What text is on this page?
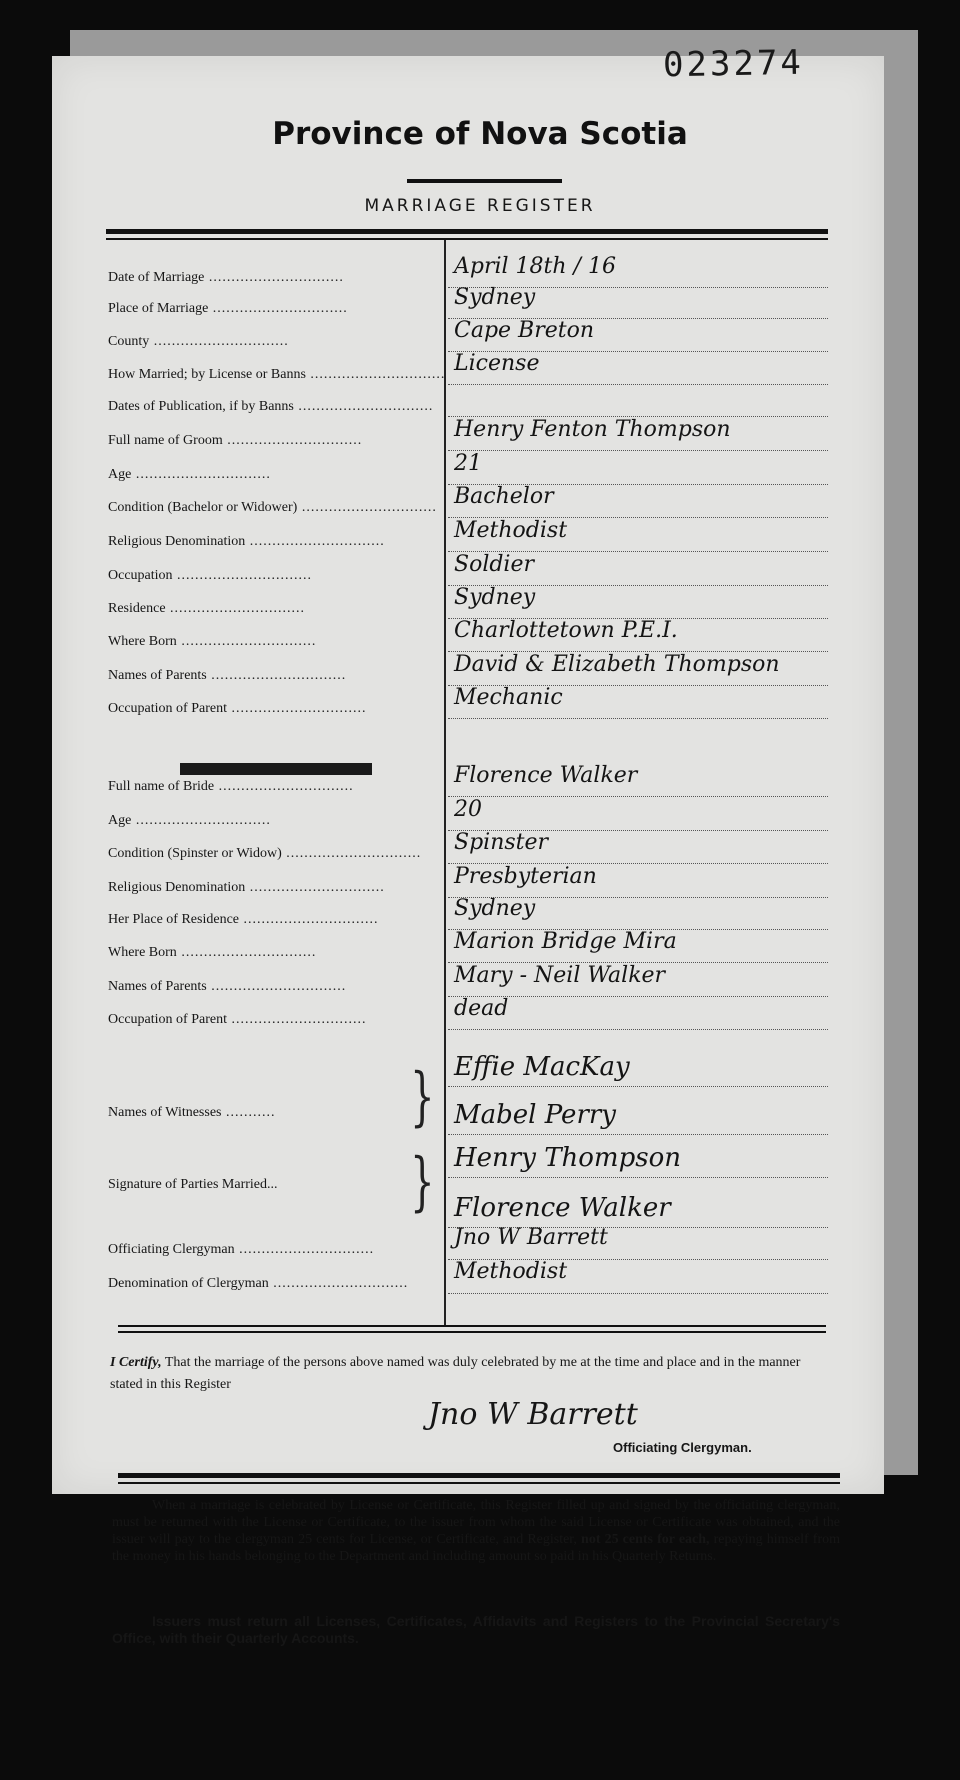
023274
Province of Nova Scotia
MARRIAGE REGISTER
Date of Marriage ..............................	April 18th / 16
Place of Marriage ..............................	Sydney
County ..............................	Cape Breton
How Married; by License or Banns .............................. License
Dates of Publication, if by Banns ..............................
Full name of Groom ..............................	Henry Fenton Thompson
Age ..............................	21
Condition (Bachelor or Widower) .............................. Bachelor
Religious Denomination ..............................	Methodist
Occupation ..............................	Soldier
Residence ..............................	Sydney
Where Born ..............................	Charlottetown P.E.I.
Names of Parents ..............................	David & Elizabeth Thompson
Occupation of Parent ..............................	Mechanic
Full name of Bride ..............................	Florence Walker
Age ..............................	20
Condition (Spinster or Widow) .............................. Spinster
Religious Denomination ..............................	Presbyterian
Her Place of Residence ..............................	Sydney
Where Born ..............................	Marion Bridge Mira
Names of Parents ..............................	Mary - Neil Walker
Occupation of Parent ..............................	dead
Names of Witnesses ...........
Effie MacKay
Mabel Perry
Signature of Parties Married...
Henry Thompson
Florence Walker
Officiating Clergyman ..............................	Jno W Barrett
Denomination of Clergyman .............................. Methodist
}
}
I Certify, That the marriage of the persons above named was duly celebrated by me at the time and place and in the manner stated in this Register
Jno W Barrett
Officiating Clergyman.
When a marriage is celebrated by License or Certificate, this Register filled up and signed by the officiating clergyman, must be returned with the License or Certificate, to the issuer from whom the said License or Certificate was obtained, and the issuer will pay to the clergyman 25 cents for License, or Certificate, and Register, not 25 cents for each, repaying himself from the money in his hands belonging to the Department and including amount so paid in his Quarterly Returns.
Issuers must return all Licenses, Certificates, Affidavits and Registers to the Provincial Secretary's Office, with their Quarterly Accounts.
